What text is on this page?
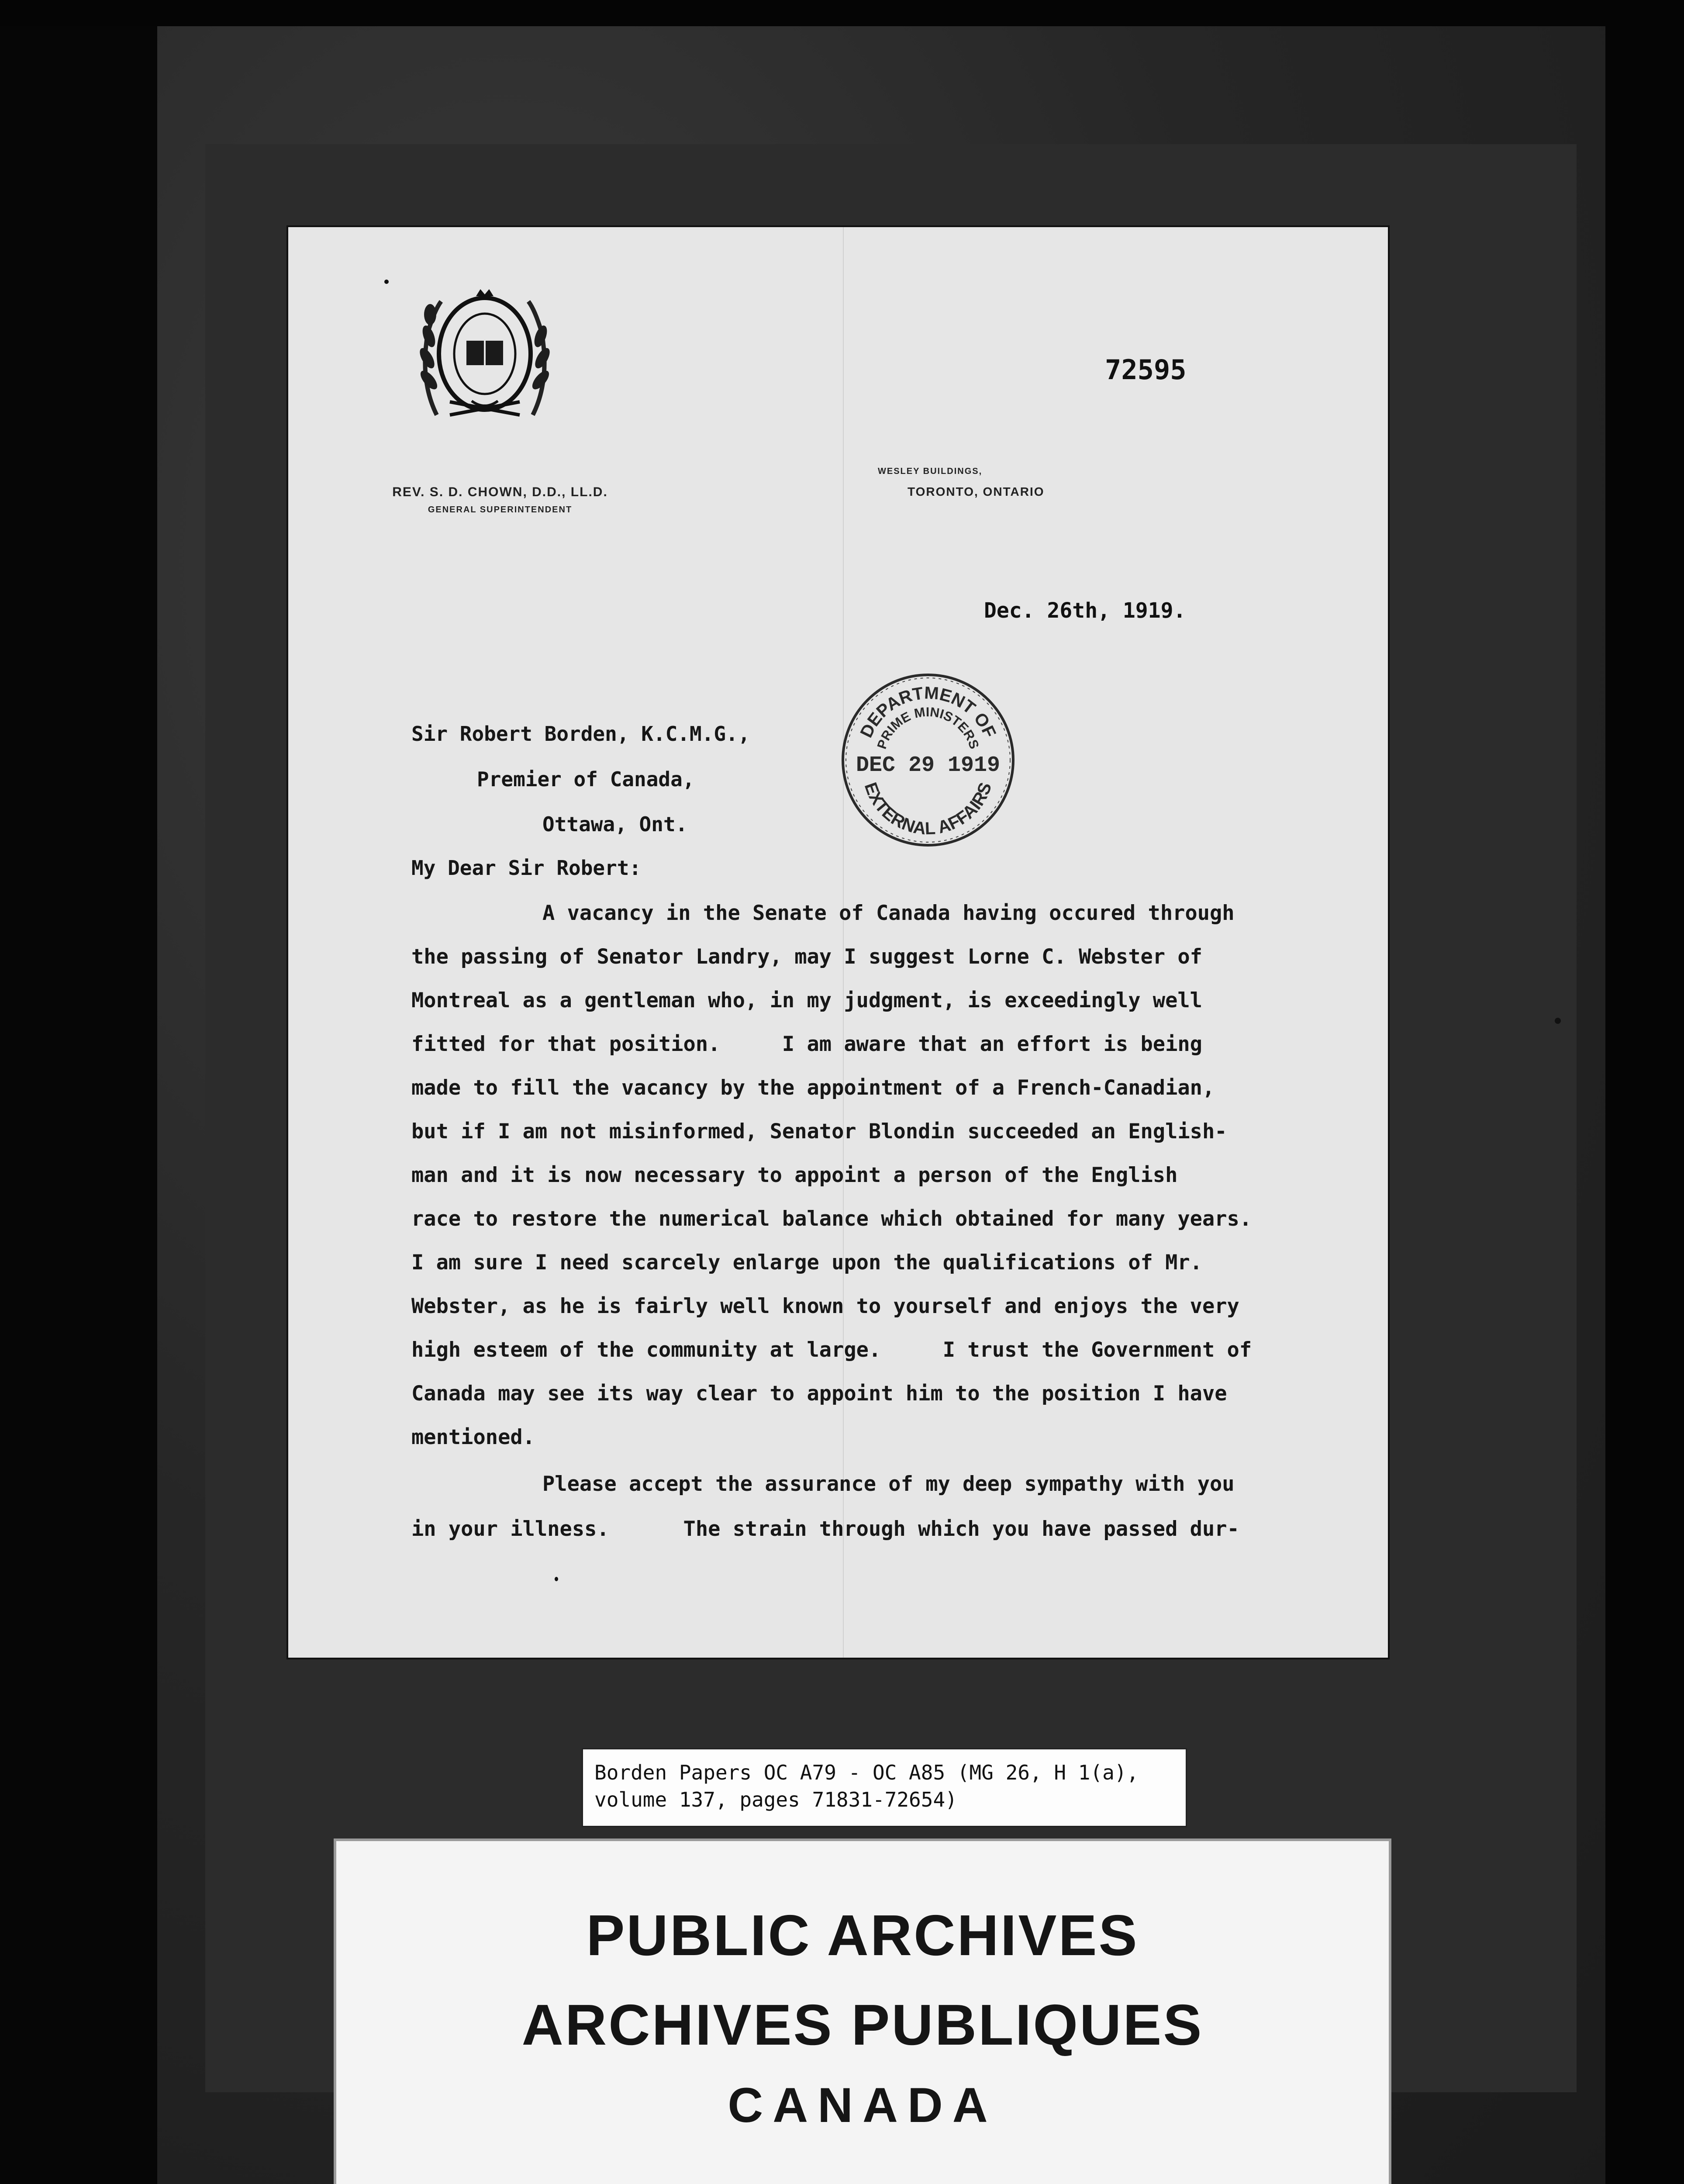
REV. S. D. CHOWN, D.D., LL.D.
GENERAL SUPERINTENDENT
WESLEY BUILDINGS,
TORONTO, ONTARIO
72595
Dec. 26th, 1919.
DEPARTMENT OF
PRIME MINISTERS
DEC 29 1919
EXTERNAL AFFAIRS
Sir Robert Borden, K.C.M.G.,
Premier of Canada,
Ottawa, Ont.
My Dear Sir Robert:
A vacancy in the Senate of Canada having occured through
the passing of Senator Landry, may I suggest Lorne C. Webster of
Montreal as a gentleman who, in my judgment, is exceedingly well
fitted for that position.     I am aware that an effort is being
made to fill the vacancy by the appointment of a French-Canadian,
but if I am not misinformed, Senator Blondin succeeded an English-
man and it is now necessary to appoint a person of the English
race to restore the numerical balance which obtained for many years.
I am sure I need scarcely enlarge upon the qualifications of Mr.
Webster, as he is fairly well known to yourself and enjoys the very
high esteem of the community at large.     I trust the Government of
Canada may see its way clear to appoint him to the position I have
mentioned.
Please accept the assurance of my deep sympathy with you
in your illness.      The strain through which you have passed dur-
Borden Papers OC A79 - OC A85 (MG 26, H 1(a),
volume 137, pages 71831-72654)
PUBLIC ARCHIVES
ARCHIVES PUBLIQUES
CANADA
